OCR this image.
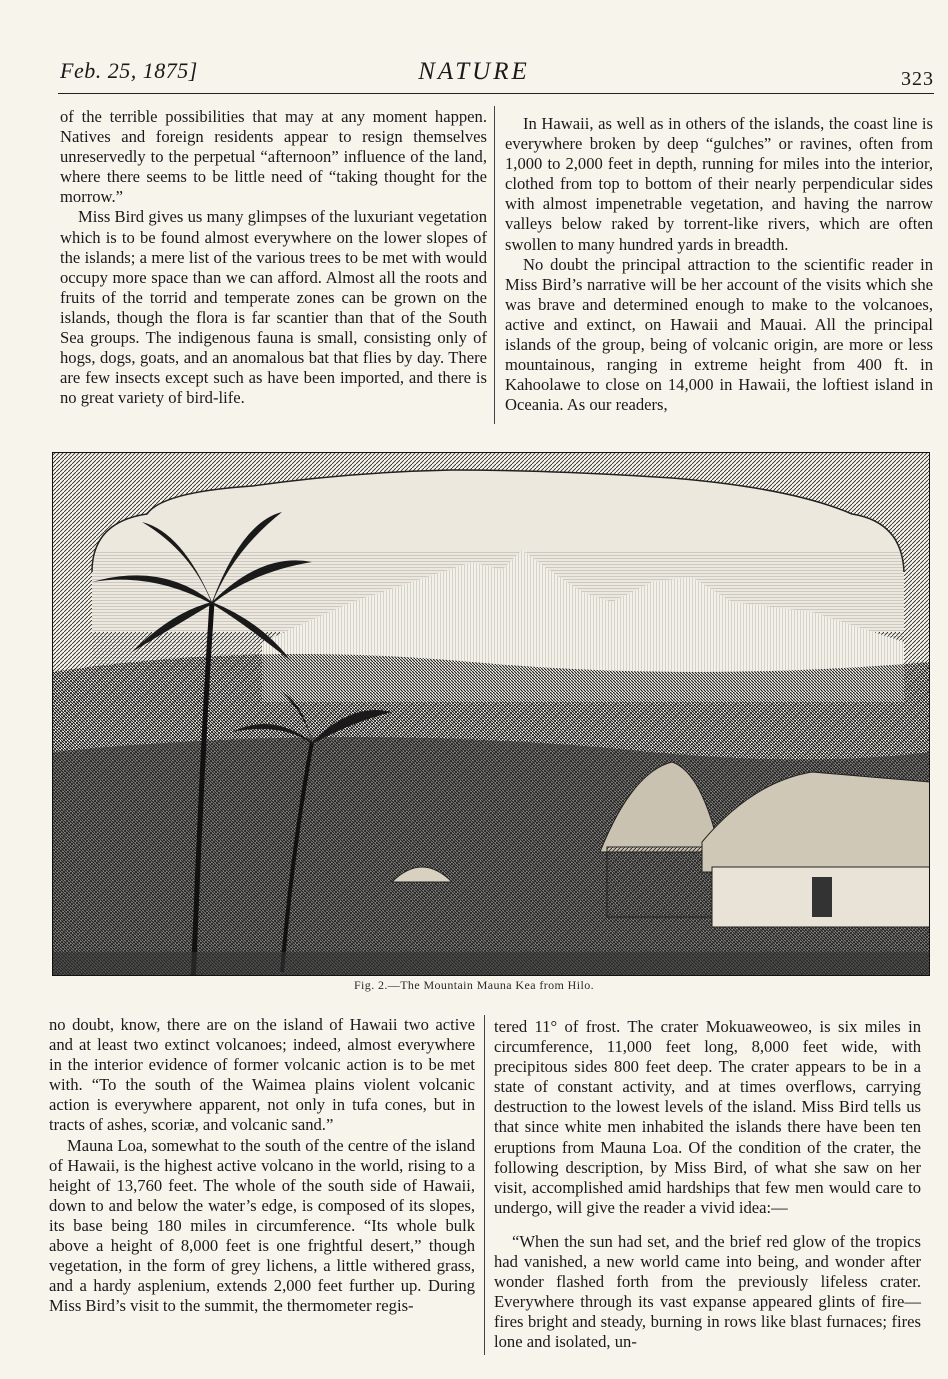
Feb. 25, 1875]	NATURE	323

of the terrible possibilities that may at any moment happen. Natives and foreign residents appear to resign themselves unreservedly to the perpetual “afternoon” influence of the land, where there seems to be little need of “taking thought for the morrow.”

Miss Bird gives us many glimpses of the luxuriant vegetation which is to be found almost everywhere on the lower slopes of the islands; a mere list of the various trees to be met with would occupy more space than we can afford. Almost all the roots and fruits of the torrid and temperate zones can be grown on the islands, though the flora is far scantier than that of the South Sea groups. The indigenous fauna is small, consisting only of hogs, dogs, goats, and an anomalous bat that flies by day. There are few insects except such as have been imported, and there is no great variety of bird-life.

In Hawaii, as well as in others of the islands, the coast line is everywhere broken by deep “gulches” or ravines, often from 1,000 to 2,000 feet in depth, running for miles into the interior, clothed from top to bottom of their nearly perpendicular sides with almost impenetrable vegetation, and having the narrow valleys below raked by torrent-like rivers, which are often swollen to many hundred yards in breadth.

No doubt the principal attraction to the scientific reader in Miss Bird’s narrative will be her account of the visits which she was brave and determined enough to make to the volcanoes, active and extinct, on Hawaii and Mauai. All the principal islands of the group, being of volcanic origin, are more or less mountainous, ranging in extreme height from 400 ft. in Kahoolawe to close on 14,000 in Hawaii, the loftiest island in Oceania. As our readers,

Fig. 2.—The Mountain Mauna Kea from Hilo.

no doubt, know, there are on the island of Hawaii two active and at least two extinct volcanoes; indeed, almost everywhere in the interior evidence of former volcanic action is to be met with. “To the south of the Waimea plains violent volcanic action is everywhere apparent, not only in tufa cones, but in tracts of ashes, scoriæ, and volcanic sand.”

Mauna Loa, somewhat to the south of the centre of the island of Hawaii, is the highest active volcano in the world, rising to a height of 13,760 feet. The whole of the south side of Hawaii, down to and below the water’s edge, is composed of its slopes, its base being 180 miles in circumference. “Its whole bulk above a height of 8,000 feet is one frightful desert,” though vegetation, in the form of grey lichens, a little withered grass, and a hardy asplenium, extends 2,000 feet further up. During Miss Bird’s visit to the summit, the thermometer regis-

tered 11° of frost. The crater Mokuaweoweo, is six miles in circumference, 11,000 feet long, 8,000 feet wide, with precipitous sides 800 feet deep. The crater appears to be in a state of constant activity, and at times overflows, carrying destruction to the lowest levels of the island. Miss Bird tells us that since white men inhabited the islands there have been ten eruptions from Mauna Loa. Of the condition of the crater, the following description, by Miss Bird, of what she saw on her visit, accomplished amid hardships that few men would care to undergo, will give the reader a vivid idea:—

“When the sun had set, and the brief red glow of the tropics had vanished, a new world came into being, and wonder after wonder flashed forth from the previously lifeless crater. Everywhere through its vast expanse appeared glints of fire—fires bright and steady, burning in rows like blast furnaces; fires lone and isolated, un-
